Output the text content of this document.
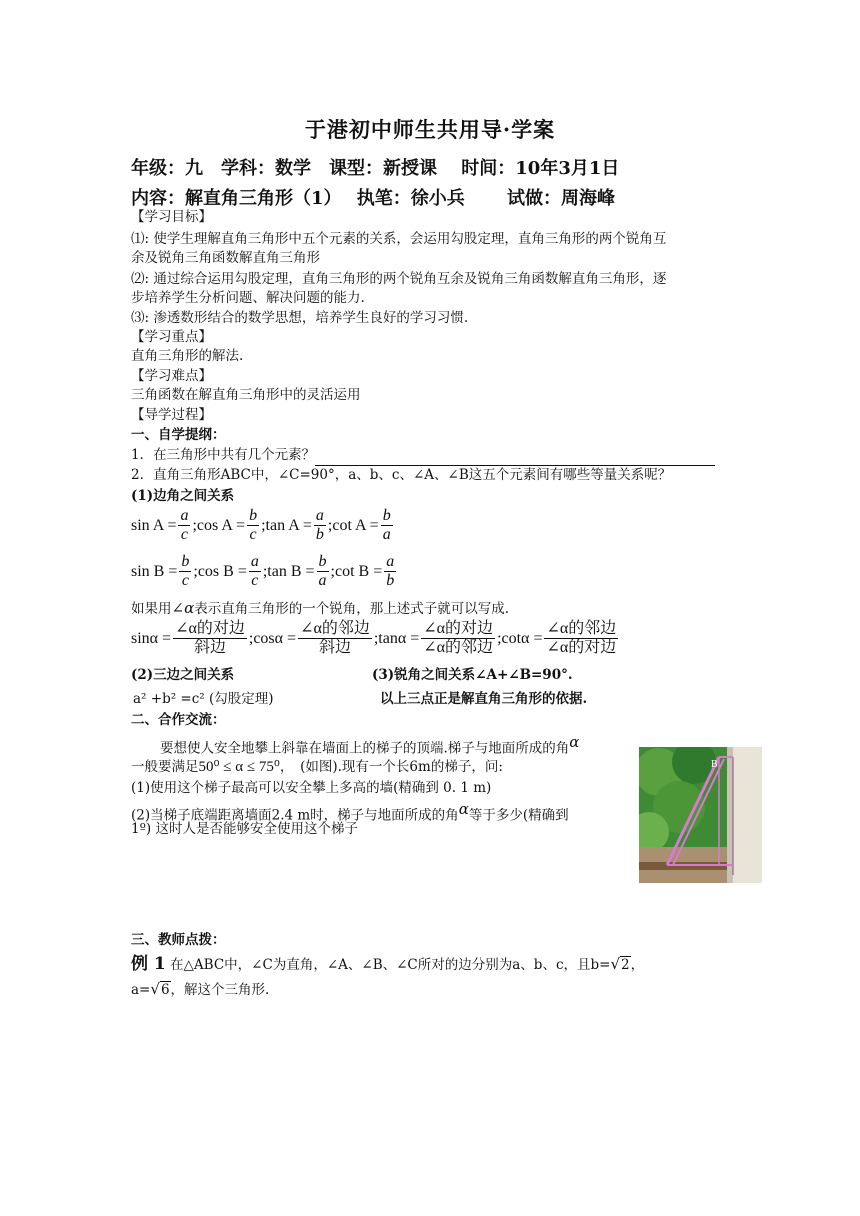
于港初中师生共用导·学案
年级：九　学科：数学　课型：新授课　 时间：10年3月1日
内容：解直角三角形（1）　 执笔：徐小兵　　 试做：周海峰
【学习目标】
⑴: 使学生理解直角三角形中五个元素的关系，会运用勾股定理，直角三角形的两个锐角互
余及锐角三角函数解直角三角形
⑵: 通过综合运用勾股定理，直角三角形的两个锐角互余及锐角三角函数解直角三角形，逐
步培养学生分析问题、解决问题的能力.
⑶: 渗透数形结合的数学思想，培养学生良好的学习习惯.
【学习重点】
直角三角形的解法.
【学习难点】
三角函数在解直角三角形中的灵活运用
【导学过程】
一、自学提纲：
1．在三角形中共有几个元素？
2．直角三角形ABC中，∠C=90°，a、b、c、∠A、∠B这五个元素间有哪些等量关系呢？
(1)边角之间关系
$\sin A = \frac{a}{c}$ ;cos $A = \frac{b}{c}$ ;tan $A = \frac{a}{b}$ ;cot $A = \frac{b}{a}$
$\sin B = \frac{b}{c}$ ;cos $B = \frac{a}{c}$ ;tan $B = \frac{b}{a}$ ;cot $B = \frac{a}{b}$
如果用∠α表示直角三角形的一个锐角，那上述式子就可以写成.
$\sin\alpha = \frac{\text{∠α的对边}}{\text{斜边}}$ ;cosα = $\frac{\text{∠α的邻边}}{\text{斜边}}$ ;tanα = $\frac{\text{∠α的对边}}{\text{∠α的邻边}}$ ;cotα = $\frac{\text{∠α的邻边}}{\text{∠α的对边}}$
(2)三边之间关系	(3)锐角之间关系∠A+∠B=90°.
a² +b² =c² (勾股定理)	以上三点正是解直角三角形的依据.
二、合作交流：
要想使人安全地攀上斜靠在墙面上的梯子的顶端.梯子与地面所成的角α
一般要满足50⁰ ≤ α ≤ 75⁰，　(如图).现有一个长6m的梯子，问:
(1)使用这个梯子最高可以安全攀上多高的墙(精确到 0. 1 m)
(2)当梯子底端距离墙面2.4 m时，梯子与地面所成的角α等于多少(精确到
1º) 这时人是否能够安全使用这个梯子
B
三、教师点拨：
例 1 在△ABC中，∠C为直角，∠A、∠B、∠C所对的边分别为a、b、c，且b=√2，
a=√6，解这个三角形.
